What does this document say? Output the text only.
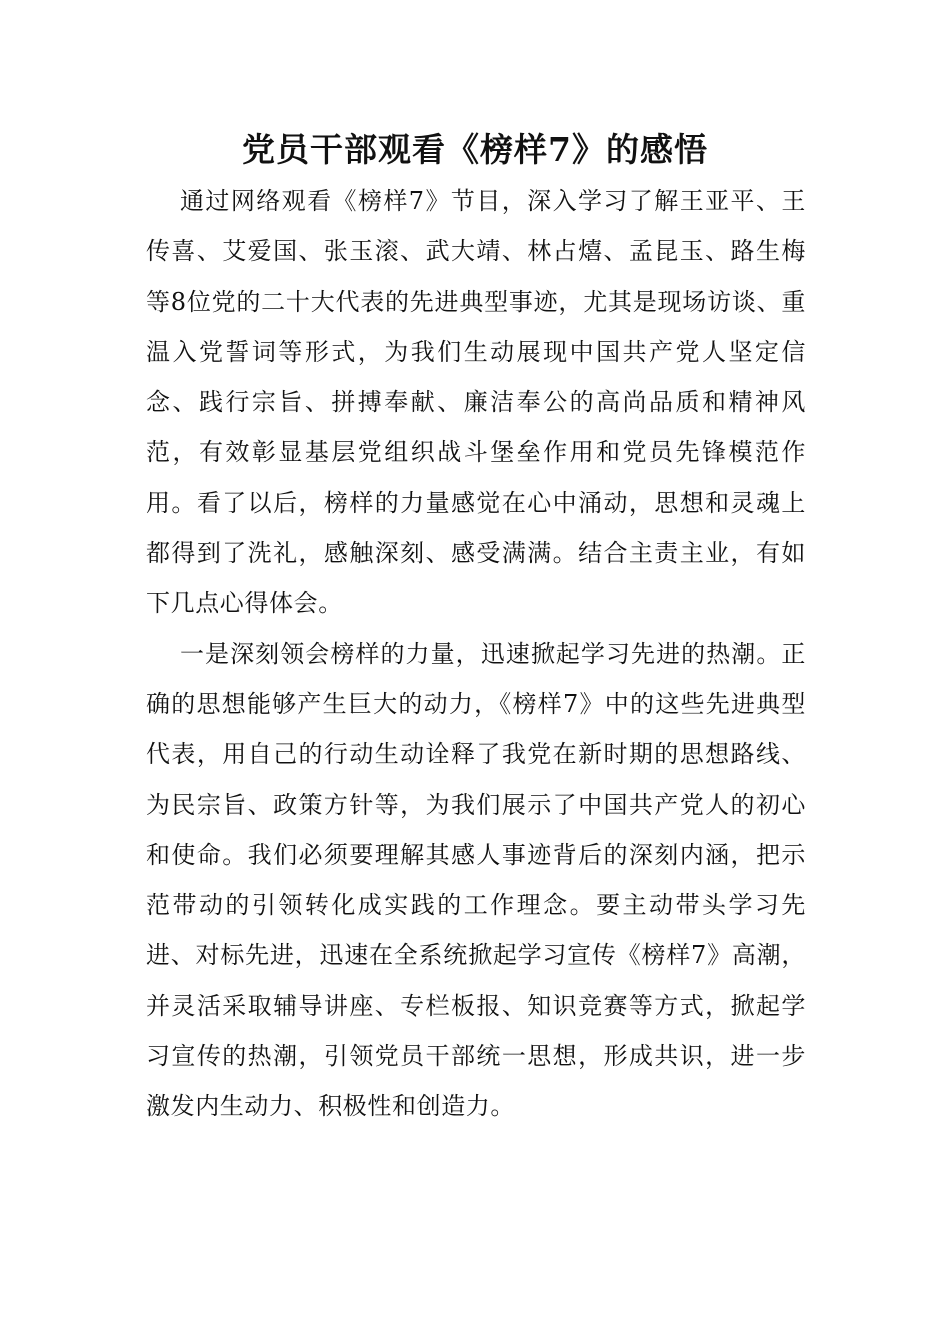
党员干部观看《榜样7》的感悟

通过网络观看《榜样7》节目，深入学习了解王亚平、王传喜、艾爱国、张玉滚、武大靖、林占熺、孟昆玉、路生梅等8位党的二十大代表的先进典型事迹，尤其是现场访谈、重温入党誓词等形式，为我们生动展现中国共产党人坚定信念、践行宗旨、拼搏奉献、廉洁奉公的高尚品质和精神风范，有效彰显基层党组织战斗堡垒作用和党员先锋模范作用。看了以后，榜样的力量感觉在心中涌动，思想和灵魂上都得到了洗礼，感触深刻、感受满满。结合主责主业，有如下几点心得体会。

一是深刻领会榜样的力量，迅速掀起学习先进的热潮。正确的思想能够产生巨大的动力，《榜样7》中的这些先进典型代表，用自己的行动生动诠释了我党在新时期的思想路线、为民宗旨、政策方针等，为我们展示了中国共产党人的初心和使命。我们必须要理解其感人事迹背后的深刻内涵，把示范带动的引领转化成实践的工作理念。要主动带头学习先进、对标先进，迅速在全系统掀起学习宣传《榜样7》高潮，并灵活采取辅导讲座、专栏板报、知识竞赛等方式，掀起学习宣传的热潮，引领党员干部统一思想，形成共识，进一步激发内生动力、积极性和创造力。
